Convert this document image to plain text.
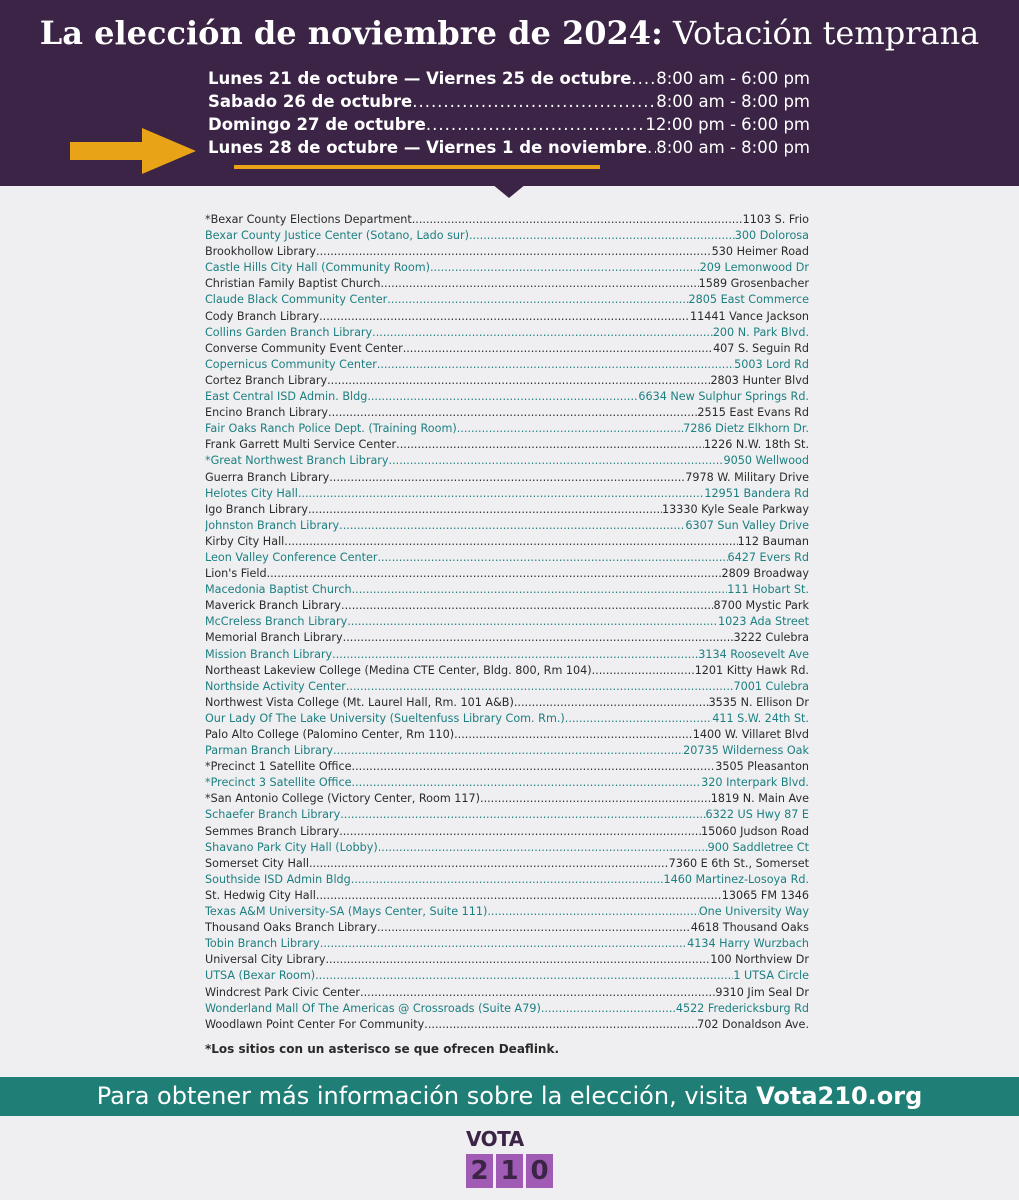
La elección de noviembre de 2024: Votación temprana
Lunes 21 de octubre — Viernes 25 de octubre ..... 8:00 am - 6:00 pm
Sabado 26 de octubre .....	8:00 am - 8:00 pm
Domingo 27 de octubre .....	12:00 pm - 6:00 pm
Lunes 28 de octubre — Viernes 1 de noviembre ..... 8:00 am - 8:00 pm
*Bexar County Elections Department .....	1103 S. Frio
Bexar County Justice Center (Sotano, Lado sur) .....	300 Dolorosa
Brookhollow Library .....	530 Heimer Road
Castle Hills City Hall (Community Room) .....	209 Lemonwood Dr
Christian Family Baptist Church .....	1589 Grosenbacher
Claude Black Community Center .....	2805 East Commerce
Cody Branch Library .....	11441 Vance Jackson
Collins Garden Branch Library .....	200 N. Park Blvd.
Converse Community Event Center .....	407 S. Seguin Rd
Copernicus Community Center .....	5003 Lord Rd
Cortez Branch Library .....	2803 Hunter Blvd
East Central ISD Admin. Bldg .....	6634 New Sulphur Springs Rd.
Encino Branch Library .....	2515 East Evans Rd
Fair Oaks Ranch Police Dept. (Training Room) .....	7286 Dietz Elkhorn Dr.
Frank Garrett Multi Service Center .....	1226 N.W. 18th St.
*Great Northwest Branch Library .....	9050 Wellwood
Guerra Branch Library .....	7978 W. Military Drive
Helotes City Hall .....	12951 Bandera Rd
Igo Branch Library .....	13330 Kyle Seale Parkway
Johnston Branch Library .....	6307 Sun Valley Drive
Kirby City Hall .....	112 Bauman
Leon Valley Conference Center .....	6427 Evers Rd
Lion's Field .....	2809 Broadway
Macedonia Baptist Church .....	111 Hobart St.
Maverick Branch Library .....	8700 Mystic Park
McCreless Branch Library .....	1023 Ada Street
Memorial Branch Library .....	3222 Culebra
Mission Branch Library .....	3134 Roosevelt Ave
Northeast Lakeview College (Medina CTE Center, Bldg. 800, Rm 104) .....	1201 Kitty Hawk Rd.
Northside Activity Center .....	7001 Culebra
Northwest Vista College (Mt. Laurel Hall, Rm. 101 A&B) .....	3535 N. Ellison Dr
Our Lady Of The Lake University (Sueltenfuss Library Com. Rm.) .....	411 S.W. 24th St.
Palo Alto College (Palomino Center, Rm 110) .....	1400 W. Villaret Blvd
Parman Branch Library .....	20735 Wilderness Oak
*Precinct 1 Satellite Office .....	3505 Pleasanton
*Precinct 3 Satellite Office .....	320 Interpark Blvd.
*San Antonio College (Victory Center, Room 117) .....	1819 N. Main Ave
Schaefer Branch Library .....	6322 US Hwy 87 E
Semmes Branch Library .....	15060 Judson Road
Shavano Park City Hall (Lobby) .....	900 Saddletree Ct
Somerset City Hall .....	7360 E 6th St., Somerset
Southside ISD Admin Bldg .....	1460 Martinez-Losoya Rd.
St. Hedwig City Hall .....	13065 FM 1346
Texas A&M University-SA (Mays Center, Suite 111) .....	One University Way
Thousand Oaks Branch Library .....	4618 Thousand Oaks
Tobin Branch Library .....	4134 Harry Wurzbach
Universal City Library .....	100 Northview Dr
UTSA (Bexar Room) .....	1 UTSA Circle
Windcrest Park Civic Center .....	9310 Jim Seal Dr
Wonderland Mall Of The Americas @ Crossroads (Suite A79) .....	4522 Fredericksburg Rd
Woodlawn Point Center For Community .....	702 Donaldson Ave.
*Los sitios con un asterisco se que ofrecen Deaflink.
Para obtener más información sobre la elección, visita Vota210.org
VOTA
2 1 0
